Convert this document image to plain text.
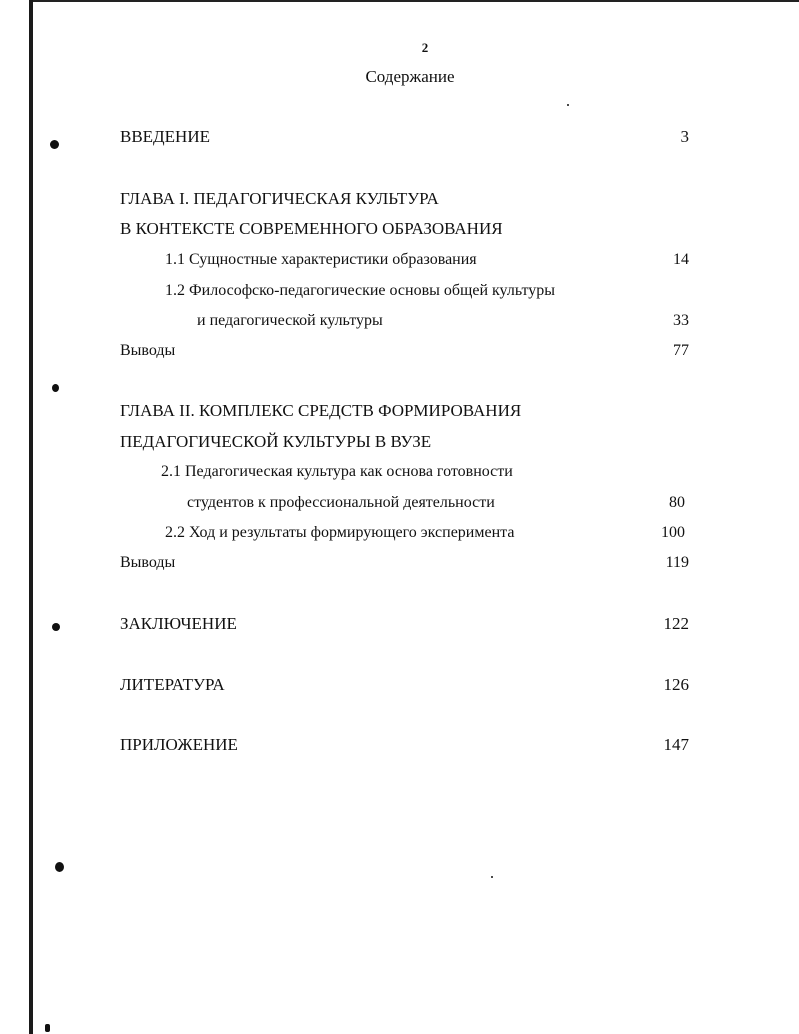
2
Содержание
ВВЕДЕНИЕ	3
ГЛАВА I. ПЕДАГОГИЧЕСКАЯ КУЛЬТУРА
В КОНТЕКСТЕ СОВРЕМЕННОГО ОБРАЗОВАНИЯ
1.1 Сущностные характеристики образования	14
1.2 Философско-педагогические основы общей культуры
и педагогической культуры	33
Выводы	77
ГЛАВА II. КОМПЛЕКС СРЕДСТВ ФОРМИРОВАНИЯ
ПЕДАГОГИЧЕСКОЙ КУЛЬТУРЫ В ВУЗЕ
2.1 Педагогическая культура как основа готовности
студентов к профессиональной деятельности	80
2.2 Ход и результаты формирующего эксперимента	100
Выводы	119
ЗАКЛЮЧЕНИЕ	122
ЛИТЕРАТУРА	126
ПРИЛОЖЕНИЕ	147
